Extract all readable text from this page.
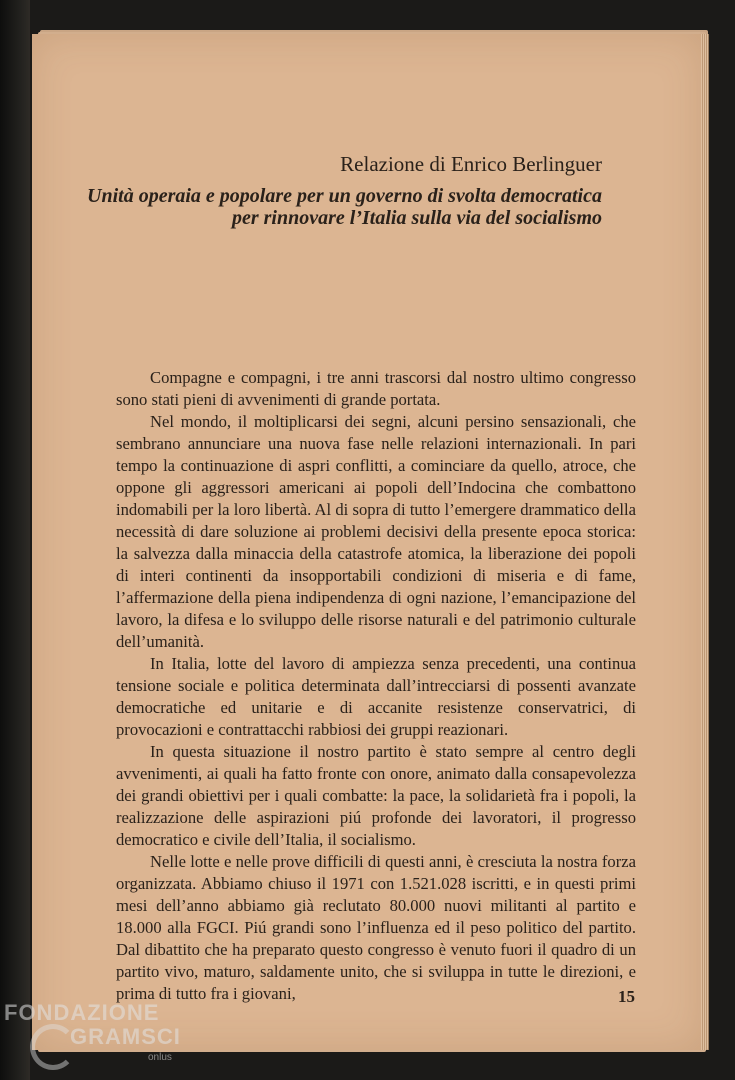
Relazione di Enrico Berlinguer
Unità operaia e popolare per un governo di svolta democratica
per rinnovare l’Italia sulla via del socialismo

Compagne e compagni, i tre anni trascorsi dal nostro ultimo congresso sono stati pieni di avvenimenti di grande portata.

Nel mondo, il moltiplicarsi dei segni, alcuni persino sensazionali, che sembrano annunciare una nuova fase nelle relazioni internazionali. In pari tempo la continuazione di aspri conflitti, a cominciare da quello, atroce, che oppone gli aggressori americani ai popoli dell’Indocina che combattono indomabili per la loro libertà. Al di sopra di tutto l’emergere drammatico della necessità di dare soluzione ai problemi decisivi della presente epoca storica: la salvezza dalla minaccia della catastrofe atomica, la liberazione dei popoli di interi continenti da insopportabili condizioni di miseria e di fame, l’affermazione della piena indipendenza di ogni nazione, l’emancipazione del lavoro, la difesa e lo sviluppo delle risorse naturali e del patrimonio culturale dell’umanità.

In Italia, lotte del lavoro di ampiezza senza precedenti, una continua tensione sociale e politica determinata dall’intrecciarsi di possenti avanzate democratiche ed unitarie e di accanite resistenze conservatrici, di provocazioni e contrattacchi rabbiosi dei gruppi reazionari.

In questa situazione il nostro partito è stato sempre al centro degli avvenimenti, ai quali ha fatto fronte con onore, animato dalla consapevolezza dei grandi obiettivi per i quali combatte: la pace, la solidarietà fra i popoli, la realizzazione delle aspirazioni piú profonde dei lavoratori, il progresso democratico e civile dell’Italia, il socialismo.

Nelle lotte e nelle prove difficili di questi anni, è cresciuta la nostra forza organizzata. Abbiamo chiuso il 1971 con 1.521.028 iscritti, e in questi primi mesi dell’anno abbiamo già reclutato 80.000 nuovi militanti al partito e 18.000 alla FGCI. Piú grandi sono l’influenza ed il peso politico del partito. Dal dibattito che ha preparato questo congresso è venuto fuori il quadro di un partito vivo, maturo, saldamente unito, che si sviluppa in tutte le direzioni, e prima di tutto fra i giovani,	15
FONDAZIONE
GRAMSCI
onlus
